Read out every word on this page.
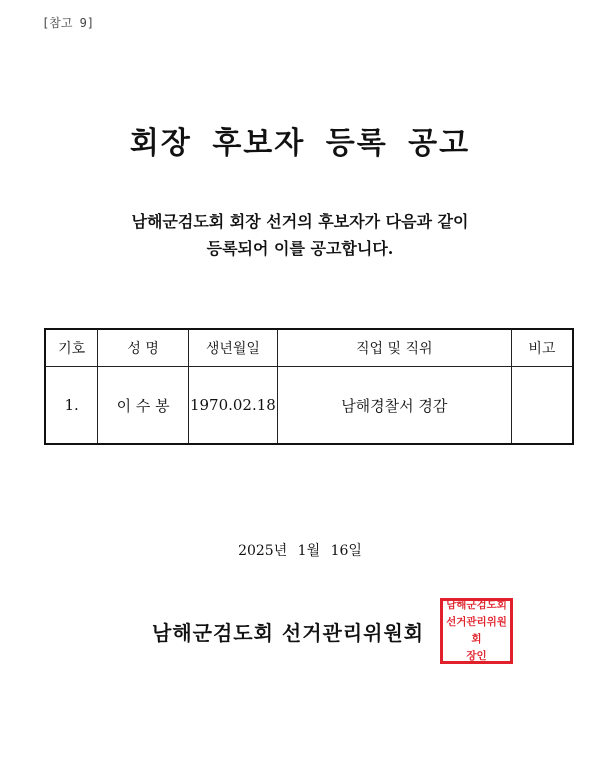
[참고 9]
회장 후보자 등록 공고
남해군검도회 회장 선거의 후보자가 다음과 같이
등록되어 이를 공고합니다.
기호	성 명	생년월일	직업 및 직위	비고
1.	이 수 봉	1970.02.18	남해경찰서 경감	
2025년 1월 16일
남해군검도회 선거관리위원회
남해군검도회
선거관리위원회
장인
